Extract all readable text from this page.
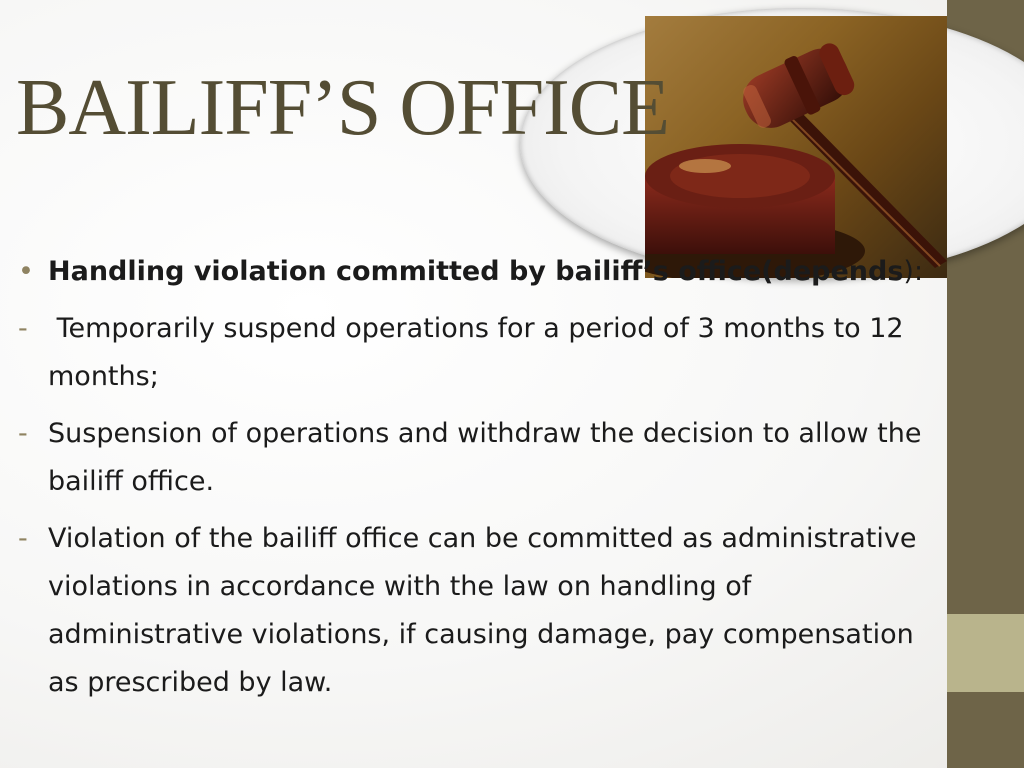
BAILIFF’S OFFICE
• Handling violation committed by bailiff’s office(depends):
- Temporarily suspend operations for a period of 3 months to 12 months;
- Suspension of operations and withdraw the decision to allow the bailiff office.
- Violation of the bailiff office can be committed as administrative violations in accordance with the law on handling of administrative violations, if causing damage, pay compensation as prescribed by law.
